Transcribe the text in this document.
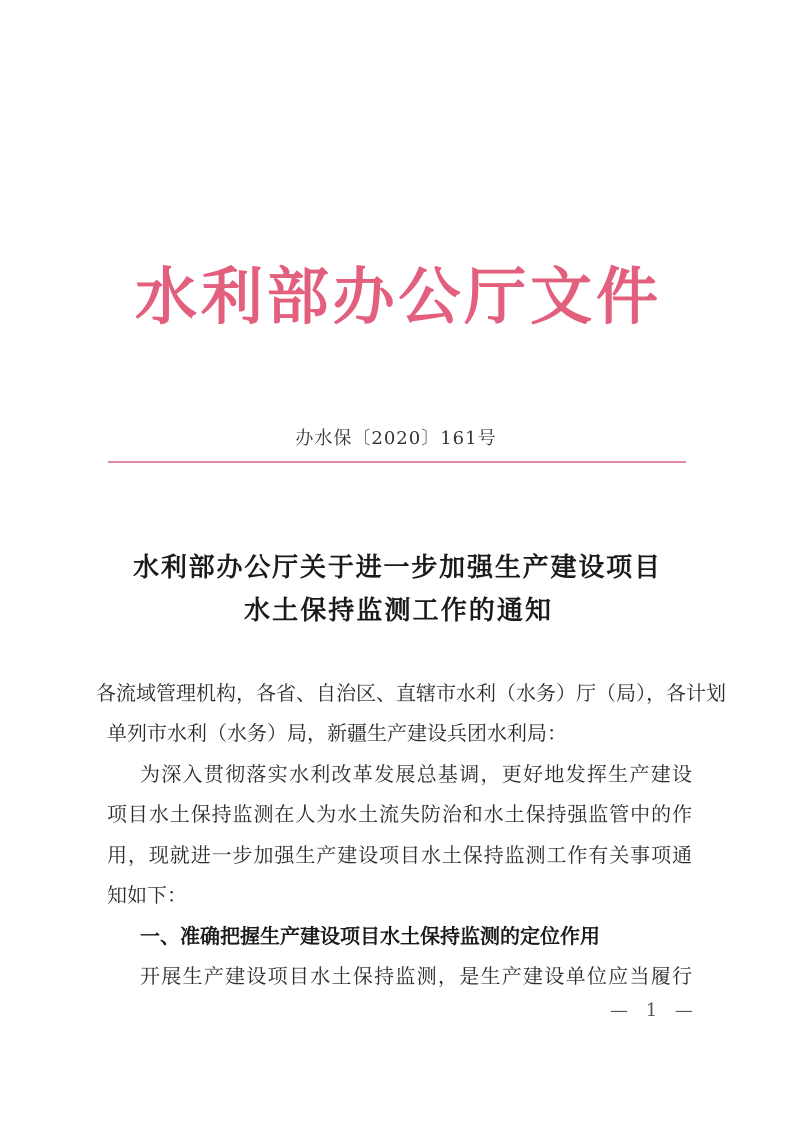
水利部办公厅文件
办水保〔2020〕161号
水利部办公厅关于进一步加强生产建设项目
水土保持监测工作的通知
各流域管理机构，各省、自治区、直辖市水利（水务）厅（局），各计划
单列市水利（水务）局，新疆生产建设兵团水利局：
为深入贯彻落实水利改革发展总基调，更好地发挥生产建设
项目水土保持监测在人为水土流失防治和水土保持强监管中的作
用，现就进一步加强生产建设项目水土保持监测工作有关事项通
知如下：
一、准确把握生产建设项目水土保持监测的定位作用
开展生产建设项目水土保持监测，是生产建设单位应当履行
— 1 —
